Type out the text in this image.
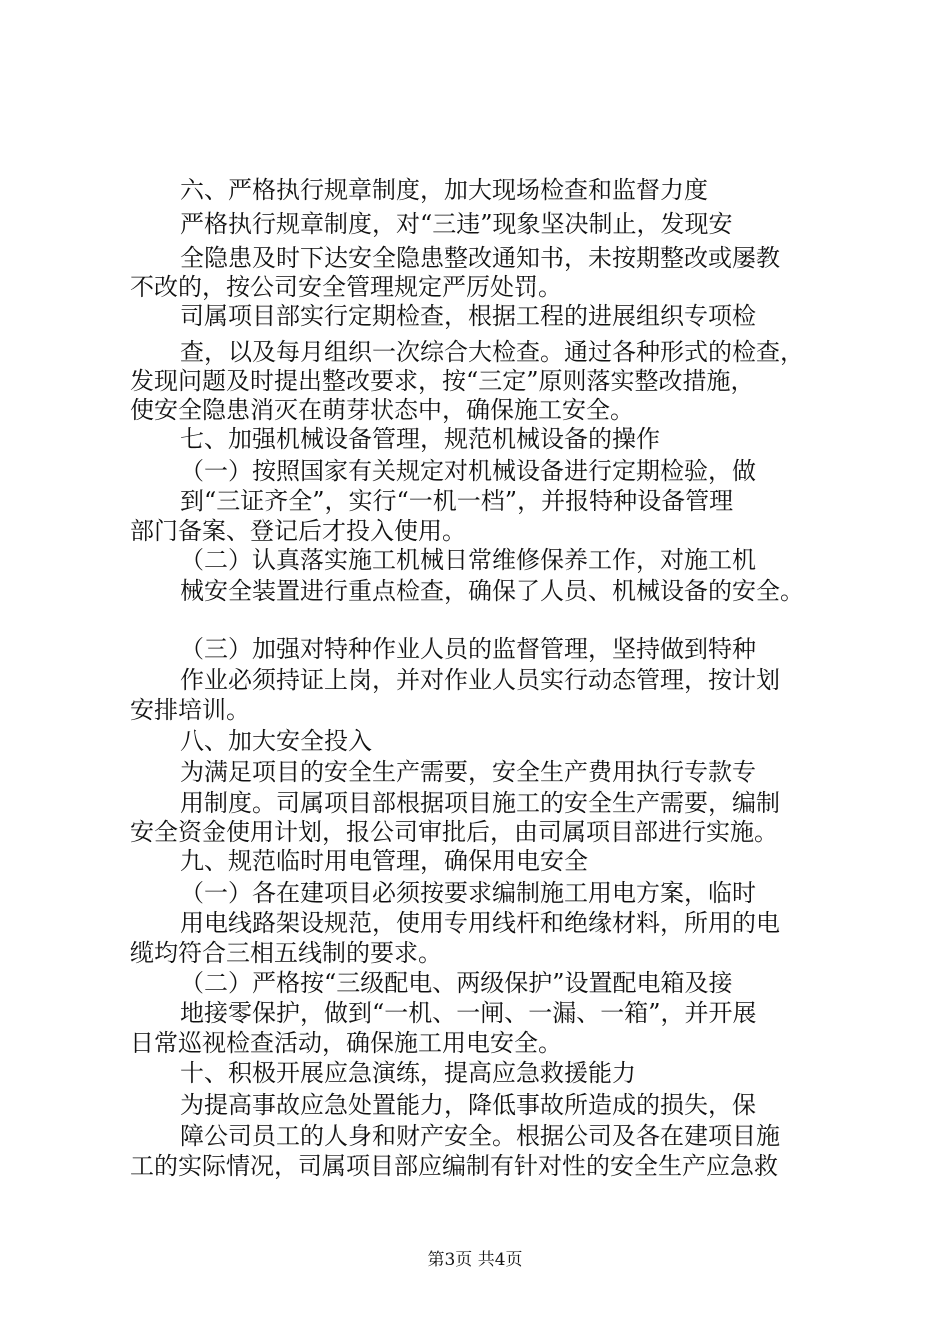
六、严格执行规章制度，加大现场检查和监督力度
严格执行规章制度，对“三违”现象坚决制止，发现安
全隐患及时下达安全隐患整改通知书，未按期整改或屡教
不改的，按公司安全管理规定严厉处罚。
司属项目部实行定期检查，根据工程的进展组织专项检
查，以及每月组织一次综合大检查。通过各种形式的检查，
发现问题及时提出整改要求，按“三定”原则落实整改措施，
使安全隐患消灭在萌芽状态中，确保施工安全。
七、加强机械设备管理，规范机械设备的操作
（一）按照国家有关规定对机械设备进行定期检验，做
到“三证齐全”，实行“一机一档”，并报特种设备管理
部门备案、登记后才投入使用。
（二）认真落实施工机械日常维修保养工作，对施工机
械安全装置进行重点检查，确保了人员、机械设备的安全。
（三）加强对特种作业人员的监督管理，坚持做到特种
作业必须持证上岗，并对作业人员实行动态管理，按计划
安排培训。
八、加大安全投入
为满足项目的安全生产需要，安全生产费用执行专款专
用制度。司属项目部根据项目施工的安全生产需要，编制
安全资金使用计划，报公司审批后，由司属项目部进行实施。
九、规范临时用电管理，确保用电安全
（一）各在建项目必须按要求编制施工用电方案，临时
用电线路架设规范，使用专用线杆和绝缘材料，所用的电
缆均符合三相五线制的要求。
（二）严格按“三级配电、两级保护”设置配电箱及接
地接零保护，做到“一机、一闸、一漏、一箱”，并开展
日常巡视检查活动，确保施工用电安全。
十、积极开展应急演练，提高应急救援能力
为提高事故应急处置能力，降低事故所造成的损失，保
障公司员工的人身和财产安全。根据公司及各在建项目施
工的实际情况，司属项目部应编制有针对性的安全生产应急救
第3页 共4页
